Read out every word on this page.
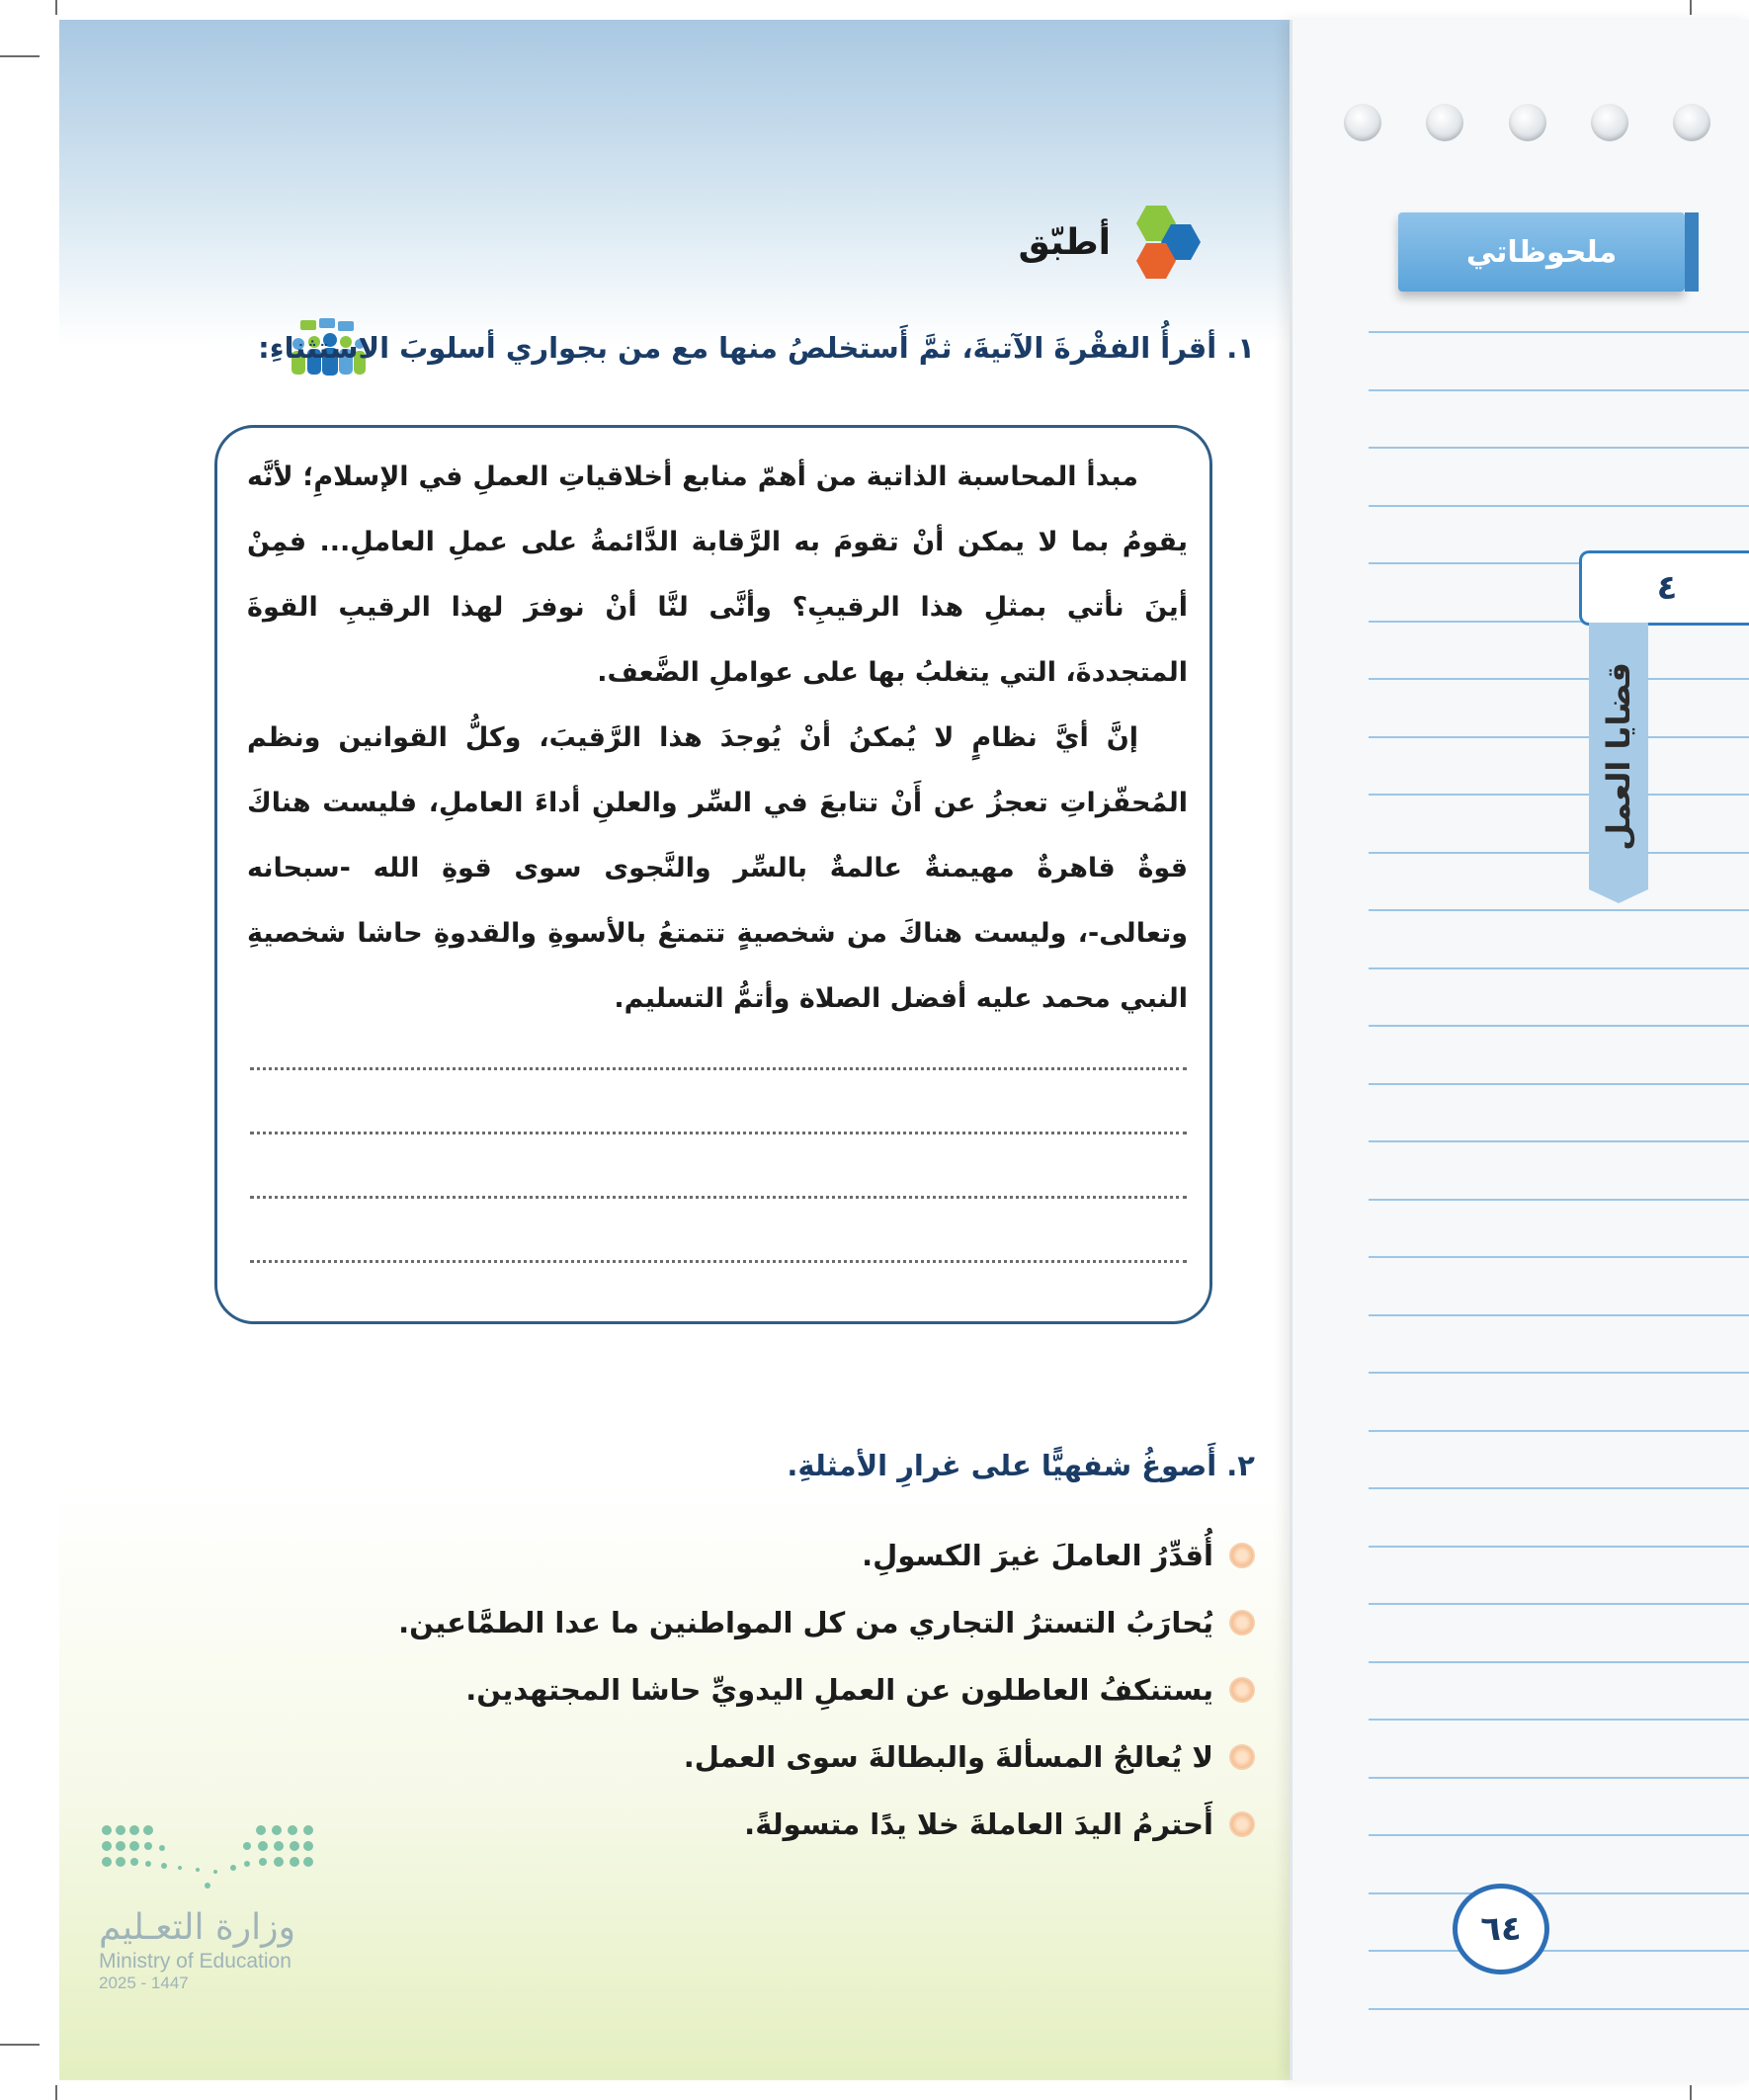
ملحوظاتي
٤
قضايا العمل
٦٤
أطبّق
١. أقرأُ الفقْرةَ الآتيةَ، ثمَّ أَستخلصُ منها مع من بجواري أسلوبَ الاستثناءِ:

مبدأ المحاسبة الذاتية من أهمّ منابع أخلاقياتِ العملِ في الإسلامِ؛ لأنَّه يقومُ بما لا يمكن أنْ تقومَ به الرَّقابة الدَّائمةُ على عملِ العاملِ... فمِنْ أينَ نأتي بمثلِ هذا الرقيبِ؟ وأنَّى لنَّا أنْ نوفرَ لهذا الرقيبِ القوةَ المتجددةَ، التي يتغلبُ بها على عواملِ الضَّعف.

إنَّ أيَّ نظامٍ لا يُمكنُ أنْ يُوجدَ هذا الرَّقيبَ، وكلُّ القوانين ونظم المُحفّزاتِ تعجزُ عن أَنْ تتابعَ في السِّر والعلنِ أداءَ العاملِ، فليست هناكَ قوةٌ قاهرةٌ مهيمنةٌ عالمةٌ بالسِّر والنَّجوى سوى قوةِ الله -سبحانه وتعالى-، وليست هناكَ من شخصيةٍ تتمتعُ بالأسوةِ والقدوةِ حاشا شخصيةِ النبي محمد عليه أفضل الصلاة وأتمُّ التسليم.

٢. أَصوغُ شفهيًّا على غرارِ الأمثلةِ.
أُقدِّرُ العاملَ غيرَ الكسولِ.
يُحارَبُ التسترُ التجاري من كل المواطنين ما عدا الطمَّاعين.
يستنكفُ العاطلون عن العملِ اليدويِّ حاشا المجتهدين.
لا يُعالجُ المسألةَ والبطالةَ سوى العمل.
أَحترمُ اليدَ العاملةَ خلا يدًا متسولةً.
وزارة التعـليم
Ministry of Education
2025 - 1447
